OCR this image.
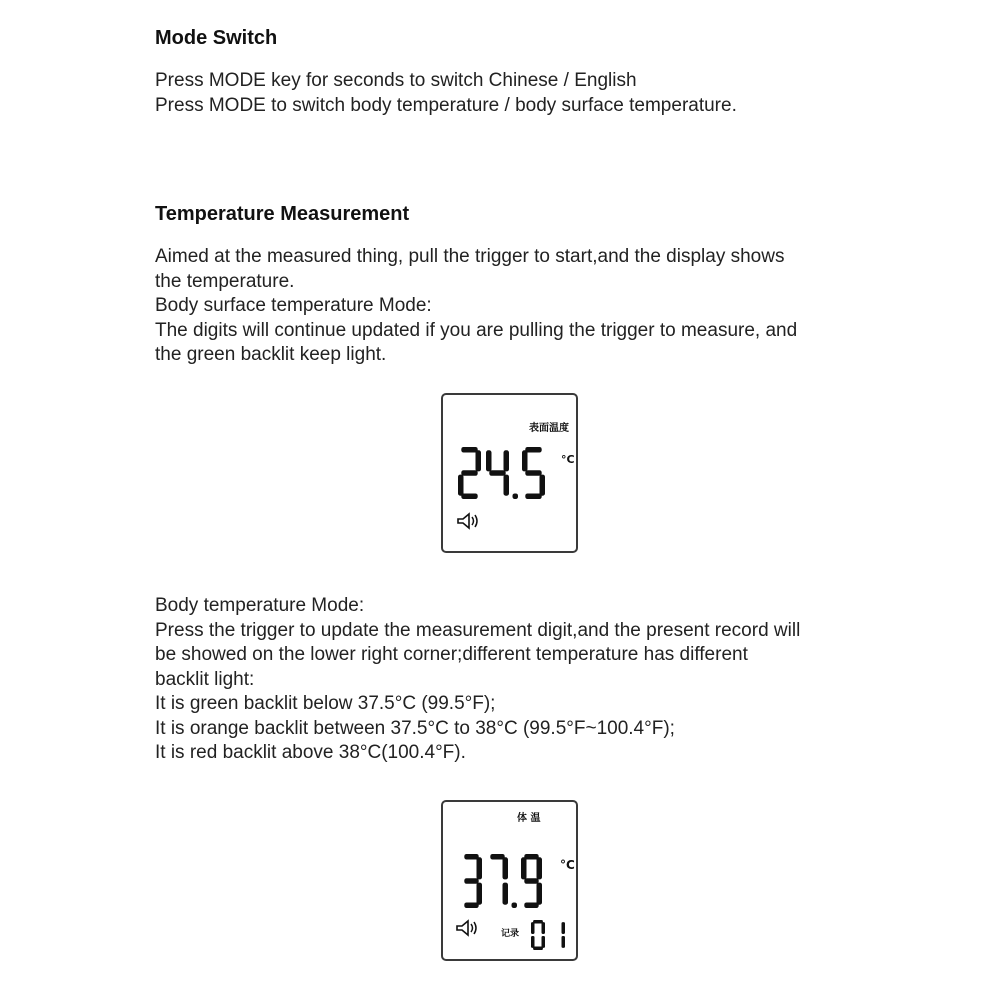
Mode Switch

Press MODE key for seconds to switch Chinese / English
Press MODE to switch body temperature / body surface temperature.

Temperature Measurement

Aimed at the measured thing, pull the trigger to start,and the display shows
the temperature.
Body surface temperature Mode:
The digits will continue updated if you are pulling the trigger to measure, and
the green backlit keep light.

表面温度
°C

Body temperature Mode:
Press the trigger to update the measurement digit,and the present record will
be showed on the lower right corner;different temperature has different
backlit light:
It is green backlit below 37.5°C (99.5°F);
It is orange backlit between 37.5°C to 38°C (99.5°F~100.4°F);
It is red backlit above 38°C(100.4°F).

体 温
°C
记录
